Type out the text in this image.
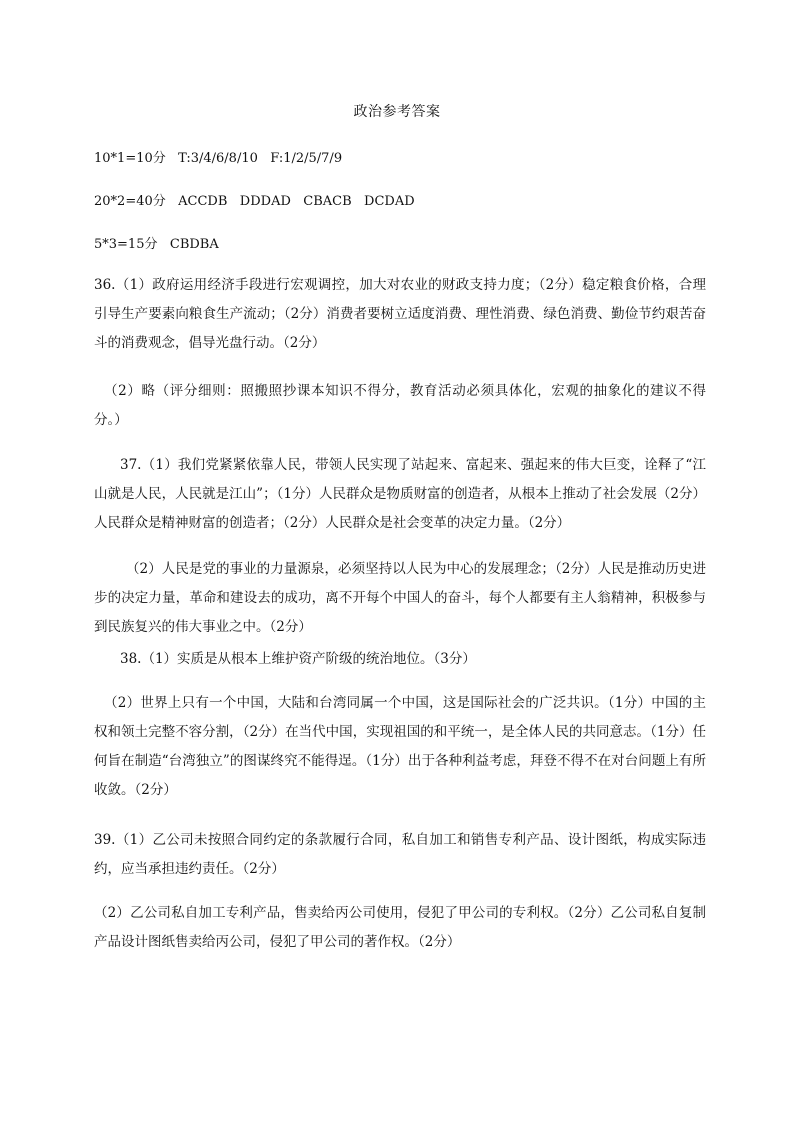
政治参考答案
10*1=10分   T:3/4/6/8/10   F:1/2/5/7/9
20*2=40分   ACCDB   DDDAD   CBACB   DCDAD
5*3=15分   CBDBA

36.（1）政府运用经济手段进行宏观调控，加大对农业的财政支持力度；（2分）稳定粮食价格，合理引导生产要素向粮食生产流动；（2分）消费者要树立适度消费、理性消费、绿色消费、勤俭节约艰苦奋斗的消费观念，倡导光盘行动。（2分）

（2）略（评分细则：照搬照抄课本知识不得分，教育活动必须具体化，宏观的抽象化的建议不得分。）

37.（1）我们党紧紧依靠人民，带领人民实现了站起来、富起来、强起来的伟大巨变，诠释了“江山就是人民，人民就是江山”；（1分）人民群众是物质财富的创造者，从根本上推动了社会发展（2分）人民群众是精神财富的创造者；（2分）人民群众是社会变革的决定力量。（2分）

（2）人民是党的事业的力量源泉，必须坚持以人民为中心的发展理念；（2分）人民是推动历史进步的决定力量，革命和建设去的成功，离不开每个中国人的奋斗，每个人都要有主人翁精神，积极参与到民族复兴的伟大事业之中。（2分）

38.（1）实质是从根本上维护资产阶级的统治地位。（3分）

（2）世界上只有一个中国，大陆和台湾同属一个中国，这是国际社会的广泛共识。（1分）中国的主权和领土完整不容分割，（2分）在当代中国，实现祖国的和平统一，是全体人民的共同意志。（1分）任何旨在制造“台湾独立”的图谋终究不能得逞。（1分）出于各种利益考虑，拜登不得不在对台问题上有所收敛。（2分）

39.（1）乙公司未按照合同约定的条款履行合同，私自加工和销售专利产品、设计图纸，构成实际违约，应当承担违约责任。（2分）

（2）乙公司私自加工专利产品，售卖给丙公司使用，侵犯了甲公司的专利权。（2分）乙公司私自复制产品设计图纸售卖给丙公司，侵犯了甲公司的著作权。（2分）
